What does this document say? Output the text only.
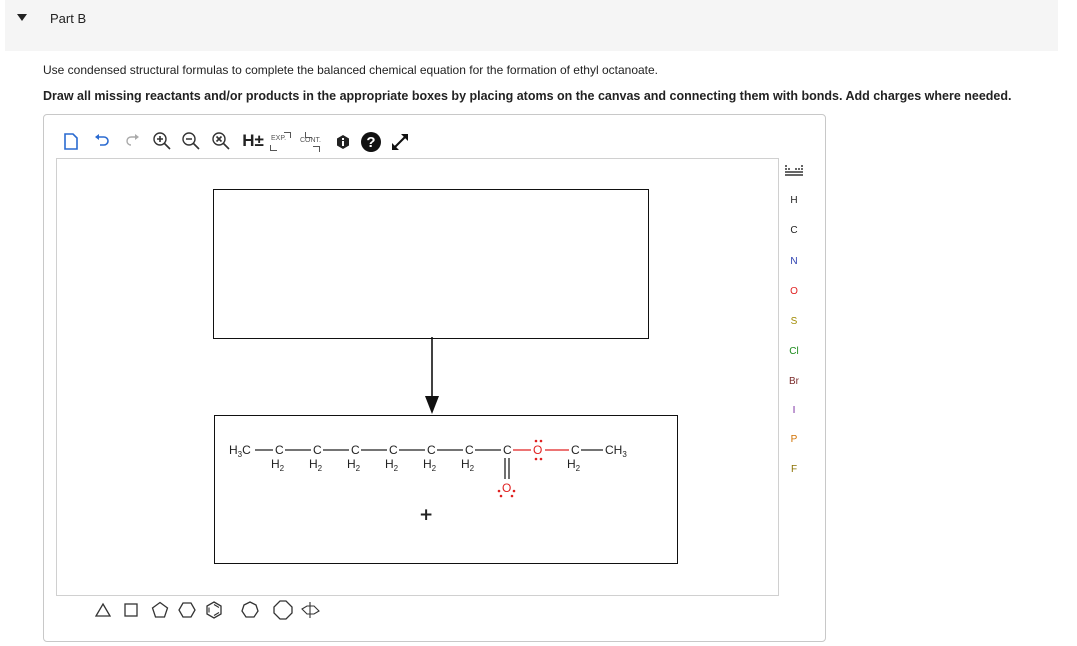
Part B
Use condensed structural formulas to complete the balanced chemical equation for the formation of ethyl octanoate.
Draw all missing reactants and/or products in the appropriate boxes by placing atoms on the canvas and connecting them with bonds. Add charges where needed.
H±	EXP. CONT.	?
$H_3C$ C
$H_2$
C
$H_2$
C
$H_2$
C
$H_2$
C
$H_2$
C
$H_2$
C	C
$H_2$
$CH_3$
O
O
+
H
C
N
O
S
Cl
Br
I
P
F
